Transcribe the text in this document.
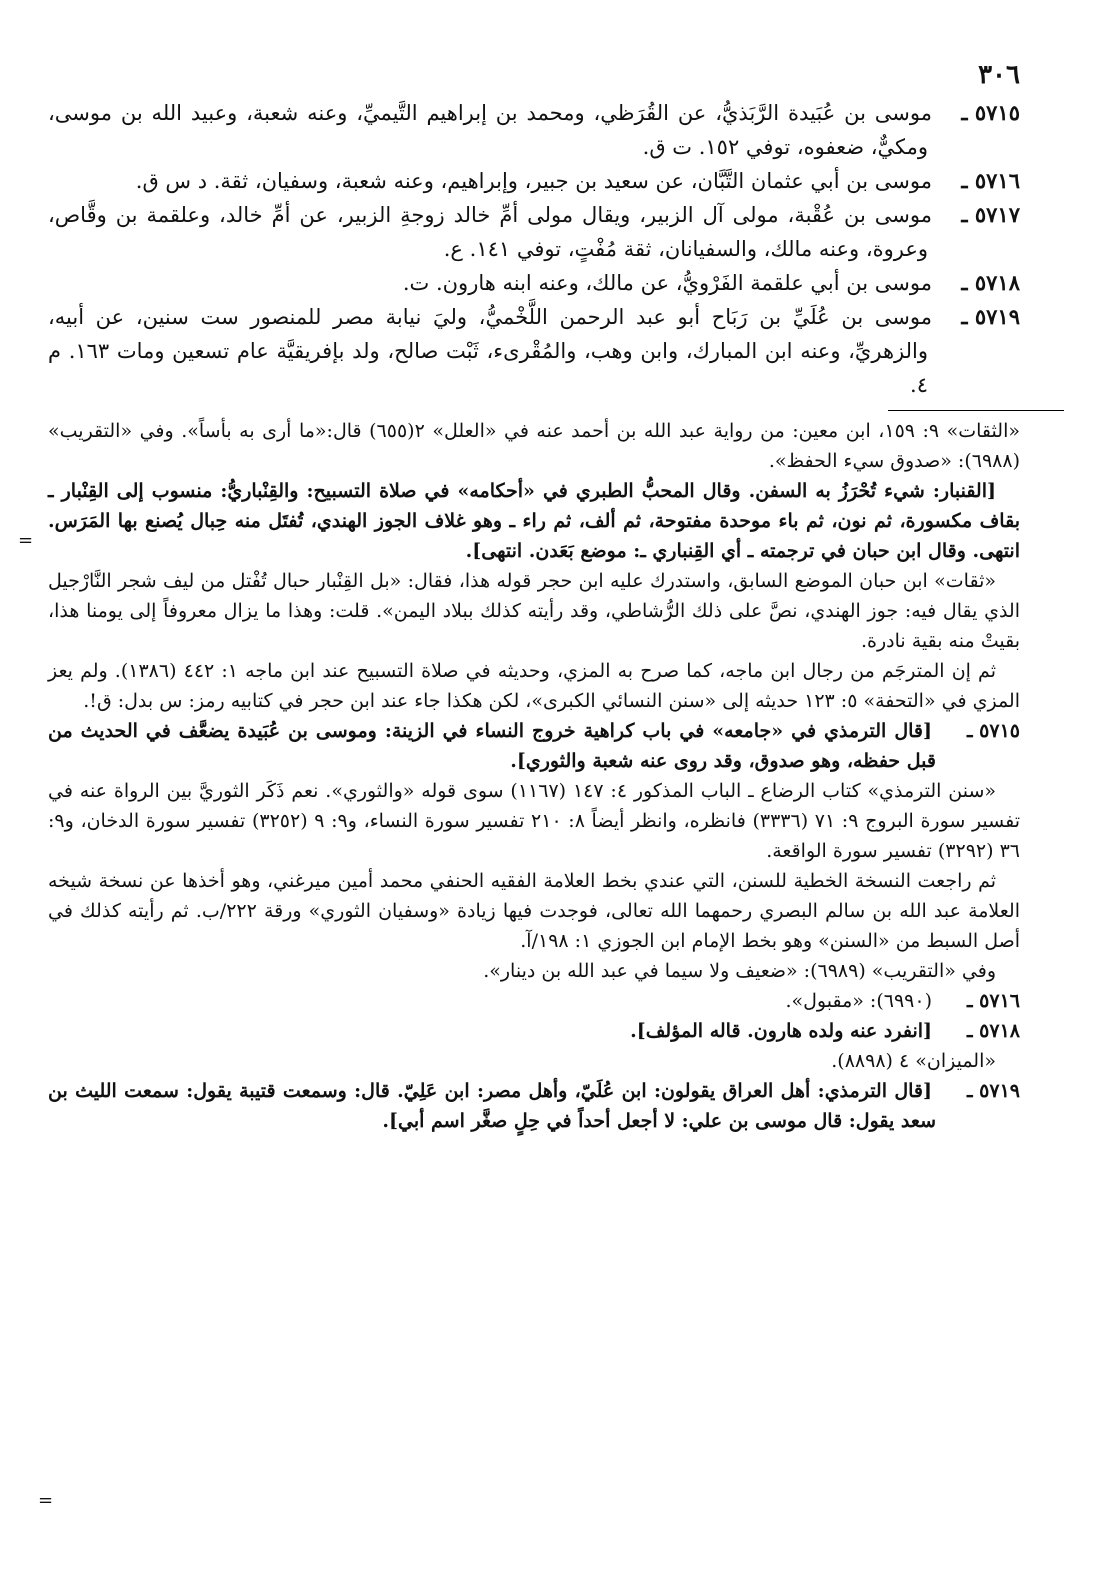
=
٣٠٦

٥٧١٥ ـموسى بن عُبَيدة الرَّبَذيُّ، عن القُرَظي، ومحمد بن إبراهيم التَّيميِّ، وعنه شعبة، وعبيد الله بن موسى، ومكيٌّ، ضعفوه، توفي ١٥٢. ت ق.

٥٧١٦ ـموسى بن أبي عثمان التَّبَّان، عن سعيد بن جبير، وإبراهيم، وعنه شعبة، وسفيان، ثقة. د س ق.

٥٧١٧ ـموسى بن عُقْبة، مولى آل الزبير، ويقال مولى أمِّ خالد زوجةِ الزبير، عن أمِّ خالد، وعلقمة بن وقَّاص، وعروة، وعنه مالك، والسفيانان، ثقة مُفْتٍ، توفي ١٤١. ع.

٥٧١٨ ـموسى بن أبي علقمة الفَرْويُّ، عن مالك، وعنه ابنه هارون. ت.

٥٧١٩ ـموسى بن عُلَيِّ بن رَبَاح أبو عبد الرحمن اللَّخْميُّ، وليَ نيابة مصر للمنصور ست سنين، عن أبيه، والزهريِّ، وعنه ابن المبارك، وابن وهب، والمُقْرىء، ثَبْت صالح، ولد بإفريقيَّة عام تسعين ومات ١٦٣. م ٤.

«الثقات» ٩: ١٥٩، ابن معين: من رواية عبد الله بن أحمد عنه في «العلل» ٢(٦٥٥) قال:«ما أرى به بأساً». وفي «التقريب» (٦٩٨٨): «صدوق سيء الحفظ».

[القنبار: شيء تُحْرَزُ به السفن. وقال المحبُّ الطبري في «أحكامه» في صلاة التسبيح: والقِنْباريُّ: منسوب إلى القِنْبار ـ بقاف مكسورة، ثم نون، ثم باء موحدة مفتوحة، ثم ألف، ثم راء ـ وهو غلاف الجوز الهندي، تُفتَل منه حِبال يُصنع بها المَرَس. انتهى. وقال ابن حبان في ترجمته ـ أي القِنباري ـ: موضع بَعَدن. انتهى].

«ثقات» ابن حبان الموضع السابق، واستدرك عليه ابن حجر قوله هذا، فقال: «بل القِنْبار حبال تُفْتل من ليف شجر النَّارْجيل الذي يقال فيه: جوز الهندي، نصَّ على ذلك الرُّشاطي، وقد رأيته كذلك ببلاد اليمن». قلت: وهذا ما يزال معروفاً إلى يومنا هذا، بقيتْ منه بقية نادرة.

ثم إن المترجَم من رجال ابن ماجه، كما صرح به المزي، وحديثه في صلاة التسبيح عند ابن ماجه ١: ٤٤٢ (١٣٨٦). ولم يعز المزي في «التحفة» ٥: ١٢٣ حديثه إلى «سنن النسائي الكبرى»، لكن هكذا جاء عند ابن حجر في كتابيه رمز: س بدل: ق!.

٥٧١٥ ـ[قال الترمذي في «جامعه» في باب كراهية خروج النساء في الزينة: وموسى بن عُبَيدة يضعَّف في الحديث من قبل حفظه، وهو صدوق، وقد روى عنه شعبة والثوري].

«سنن الترمذي» كتاب الرضاع ـ الباب المذكور ٤: ١٤٧ (١١٦٧) سوى قوله «والثوري». نعم ذَكَر الثوريَّ بين الرواة عنه في تفسير سورة البروج ٩: ٧١ (٣٣٣٦) فانظره، وانظر أيضاً ٨: ٢١٠ تفسير سورة النساء، و٩: ٩ (٣٢٥٢) تفسير سورة الدخان، و٩: ٣٦ (٣٢٩٢) تفسير سورة الواقعة.

ثم راجعت النسخة الخطية للسنن، التي عندي بخط العلامة الفقيه الحنفي محمد أمين ميرغني، وهو أخذها عن نسخة شيخه العلامة عبد الله بن سالم البصري رحمهما الله تعالى، فوجدت فيها زيادة «وسفيان الثوري» ورقة ٢٢٢/ب. ثم رأيته كذلك في أصل السبط من «السنن» وهو بخط الإمام ابن الجوزي ١: ١٩٨/آ.

وفي «التقريب» (٦٩٨٩): «ضعيف ولا سيما في عبد الله بن دينار».

٥٧١٦ ـ(٦٩٩٠): «مقبول».

٥٧١٨ ـ[انفرد عنه ولده هارون. قاله المؤلف].

«الميزان» ٤ (٨٨٩٨).

٥٧١٩ ـ[قال الترمذي: أهل العراق يقولون: ابن عُلَيّ، وأهل مصر: ابن عَلِيّ. قال: وسمعت قتيبة يقول: سمعت الليث بن سعد يقول: قال موسى بن علي: لا أجعل أحداً في حِلٍ صغَّر اسم أبي].

=
